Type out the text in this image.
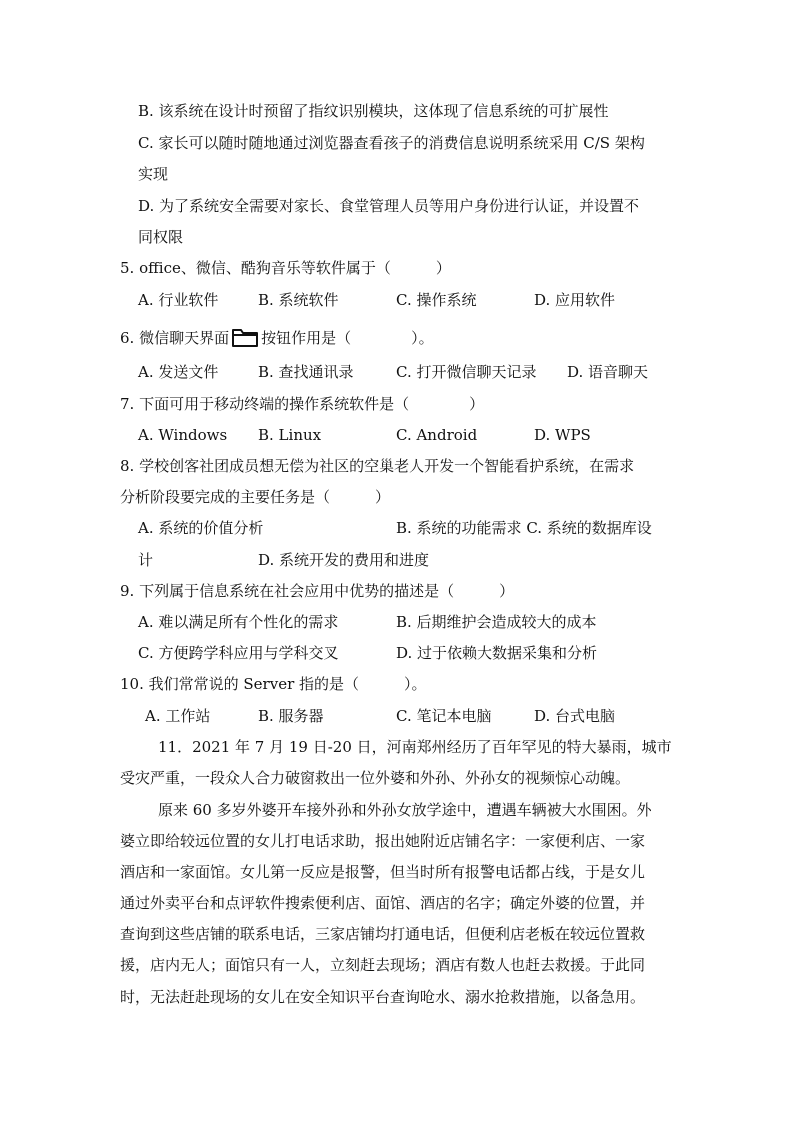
B. 该系统在设计时预留了指纹识别模块，这体现了信息系统的可扩展性
C. 家长可以随时随地通过浏览器查看孩子的消费信息说明系统采用 C/S 架构
实现
D. 为了系统安全需要对家长、食堂管理人员等用户身份进行认证，并设置不
同权限
5. office、微信、酷狗音乐等软件属于（　　　）
A. 行业软件	B. 系统软件	C. 操作系统	D. 应用软件
6. 微信聊天界面 按钮作用是（　　　　）。
A. 发送文件	B. 查找通讯录	C. 打开微信聊天记录 D. 语音聊天
7. 下面可用于移动终端的操作系统软件是（　　　　）
A. Windows B. Linux	C. Android	D. WPS
8. 学校创客社团成员想无偿为社区的空巢老人开发一个智能看护系统，在需求
分析阶段要完成的主要任务是（　　　）
A. 系统的价值分析	B. 系统的功能需求 C. 系统的数据库设
计	D. 系统开发的费用和进度
9. 下列属于信息系统在社会应用中优势的描述是（　　　）
A. 难以满足所有个性化的需求	B. 后期维护会造成较大的成本
C. 方便跨学科应用与学科交叉	D. 过于依赖大数据采集和分析
10. 我们常常说的 Server 指的是（　　　）。
A. 工作站	B. 服务器	C. 笔记本电脑	D. 台式电脑
11．2021 年 7 月 19 日-20 日，河南郑州经历了百年罕见的特大暴雨，城市
受灾严重，一段众人合力破窗救出一位外婆和外孙、外孙女的视频惊心动魄。
原来 60 多岁外婆开车接外孙和外孙女放学途中，遭遇车辆被大水围困。外
婆立即给较远位置的女儿打电话求助，报出她附近店铺名字：一家便利店、一家
酒店和一家面馆。女儿第一反应是报警，但当时所有报警电话都占线，于是女儿
通过外卖平台和点评软件搜索便利店、面馆、酒店的名字；确定外婆的位置，并
查询到这些店铺的联系电话，三家店铺均打通电话，但便利店老板在较远位置救
援，店内无人；面馆只有一人，立刻赶去现场；酒店有数人也赶去救援。于此同
时，无法赶赴现场的女儿在安全知识平台查询呛水、溺水抢救措施，以备急用。
